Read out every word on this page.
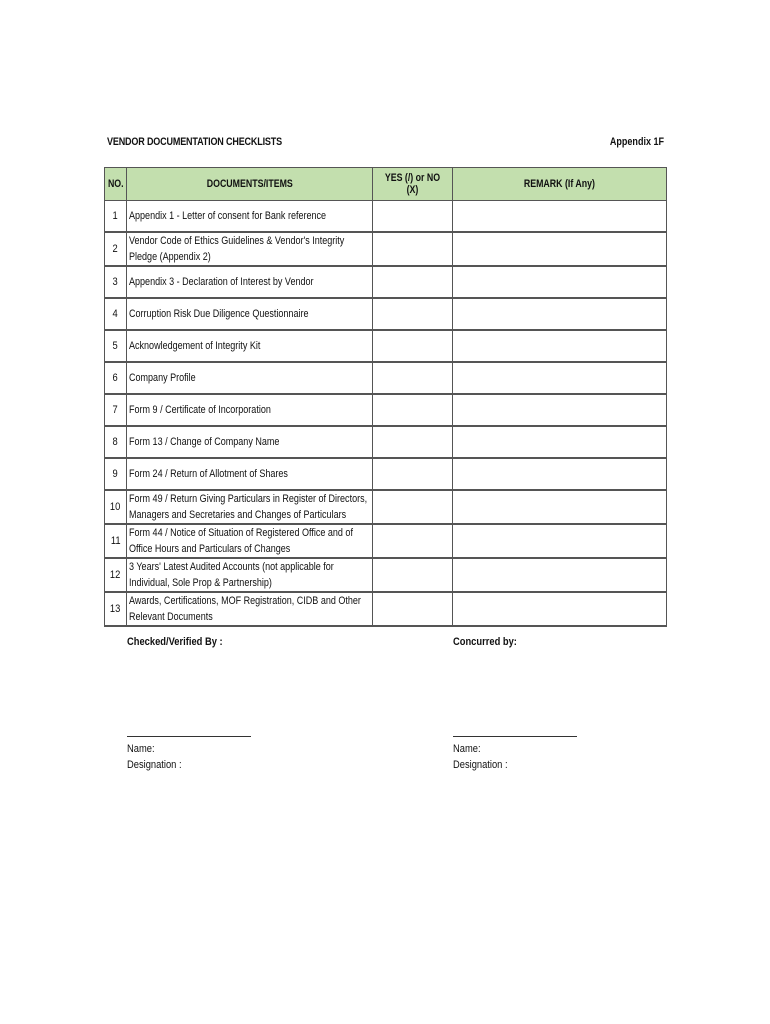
VENDOR DOCUMENTATION CHECKLISTS	Appendix 1F
NO.	DOCUMENTS/ITEMS	YES (/) or NO (X)	REMARK (If Any)
1	Appendix 1 - Letter of consent for Bank reference		

2	Vendor Code of Ethics Guidelines & Vendor's Integrity Pledge (Appendix 2)		

3	Appendix 3 - Declaration of Interest by Vendor		

4	Corruption Risk Due Diligence Questionnaire		

5	Acknowledgement of Integrity Kit		

6	Company Profile		

7	Form 9 / Certificate of Incorporation		

8	Form 13 / Change of Company Name		

9	Form 24 / Return of Allotment of Shares		

10	Form 49 / Return Giving Particulars in Register of Directors, Managers and Secretaries and Changes of Particulars		

11	Form 44 / Notice of Situation of Registered Office and of Office Hours and Particulars of Changes		

12	3 Years' Latest Audited Accounts (not applicable for Individual, Sole Prop & Partnership)		

13	Awards, Certifications, MOF Registration, CIDB and Other Relevant Documents		

Checked/Verified By :
Name:
Designation :
Concurred by:
Name:
Designation :
